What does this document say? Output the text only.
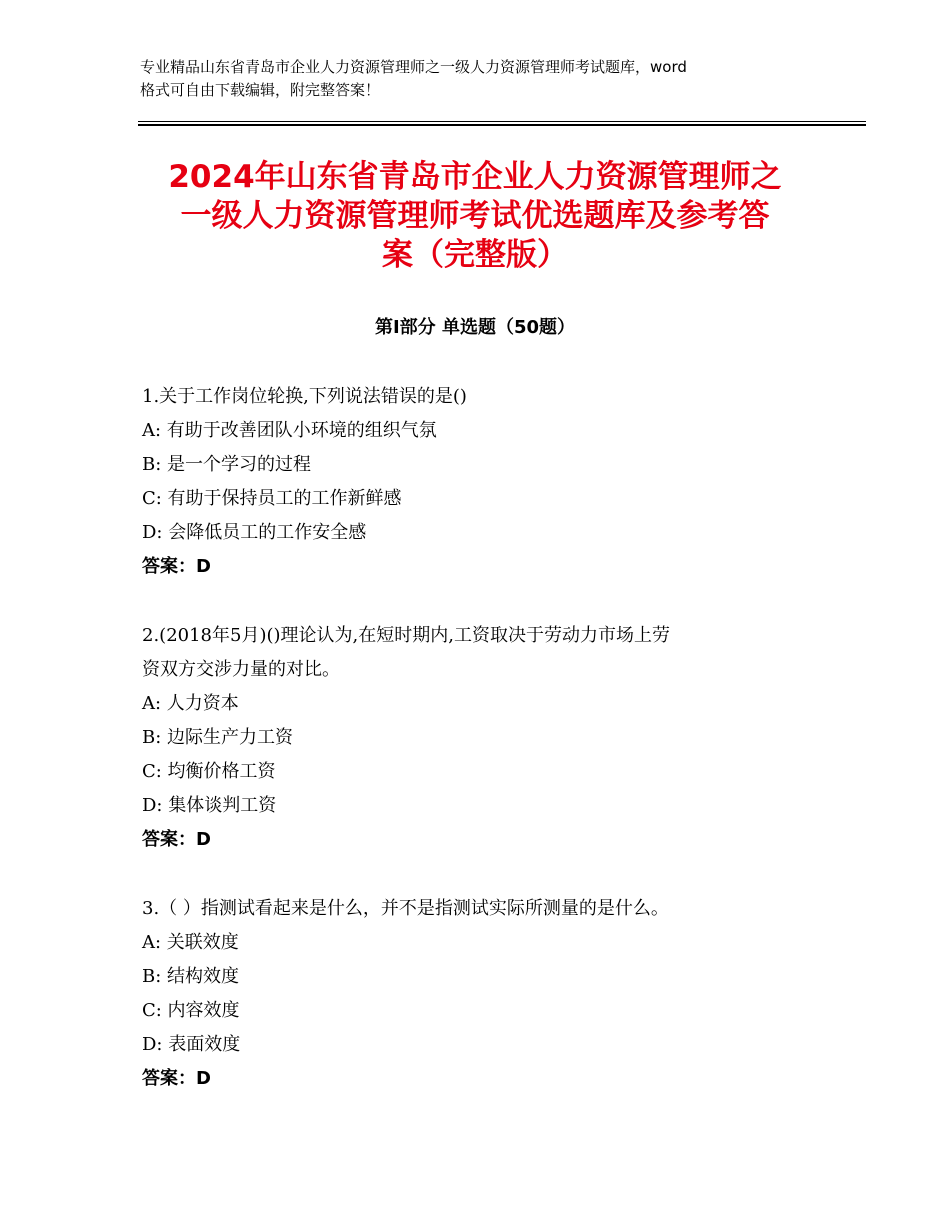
专业精品山东省青岛市企业人力资源管理师之一级人力资源管理师考试题库，word
格式可自由下载编辑，附完整答案！
2024年山东省青岛市企业人力资源管理师之
一级人力资源管理师考试优选题库及参考答
案（完整版）
第Ⅰ部分 单选题（50题）
1.关于工作岗位轮换,下列说法错误的是()
A: 有助于改善团队小环境的组织气氛
B: 是一个学习的过程
C: 有助于保持员工的工作新鲜感
D: 会降低员工的工作安全感
答案：D
2.(2018年5月)()理论认为,在短时期内,工资取决于劳动力市场上劳
资双方交涉力量的对比。
A: 人力资本
B: 边际生产力工资
C: 均衡价格工资
D: 集体谈判工资
答案：D
3.（ ）指测试看起来是什么，并不是指测试实际所测量的是什么。
A: 关联效度
B: 结构效度
C: 内容效度
D: 表面效度
答案：D
